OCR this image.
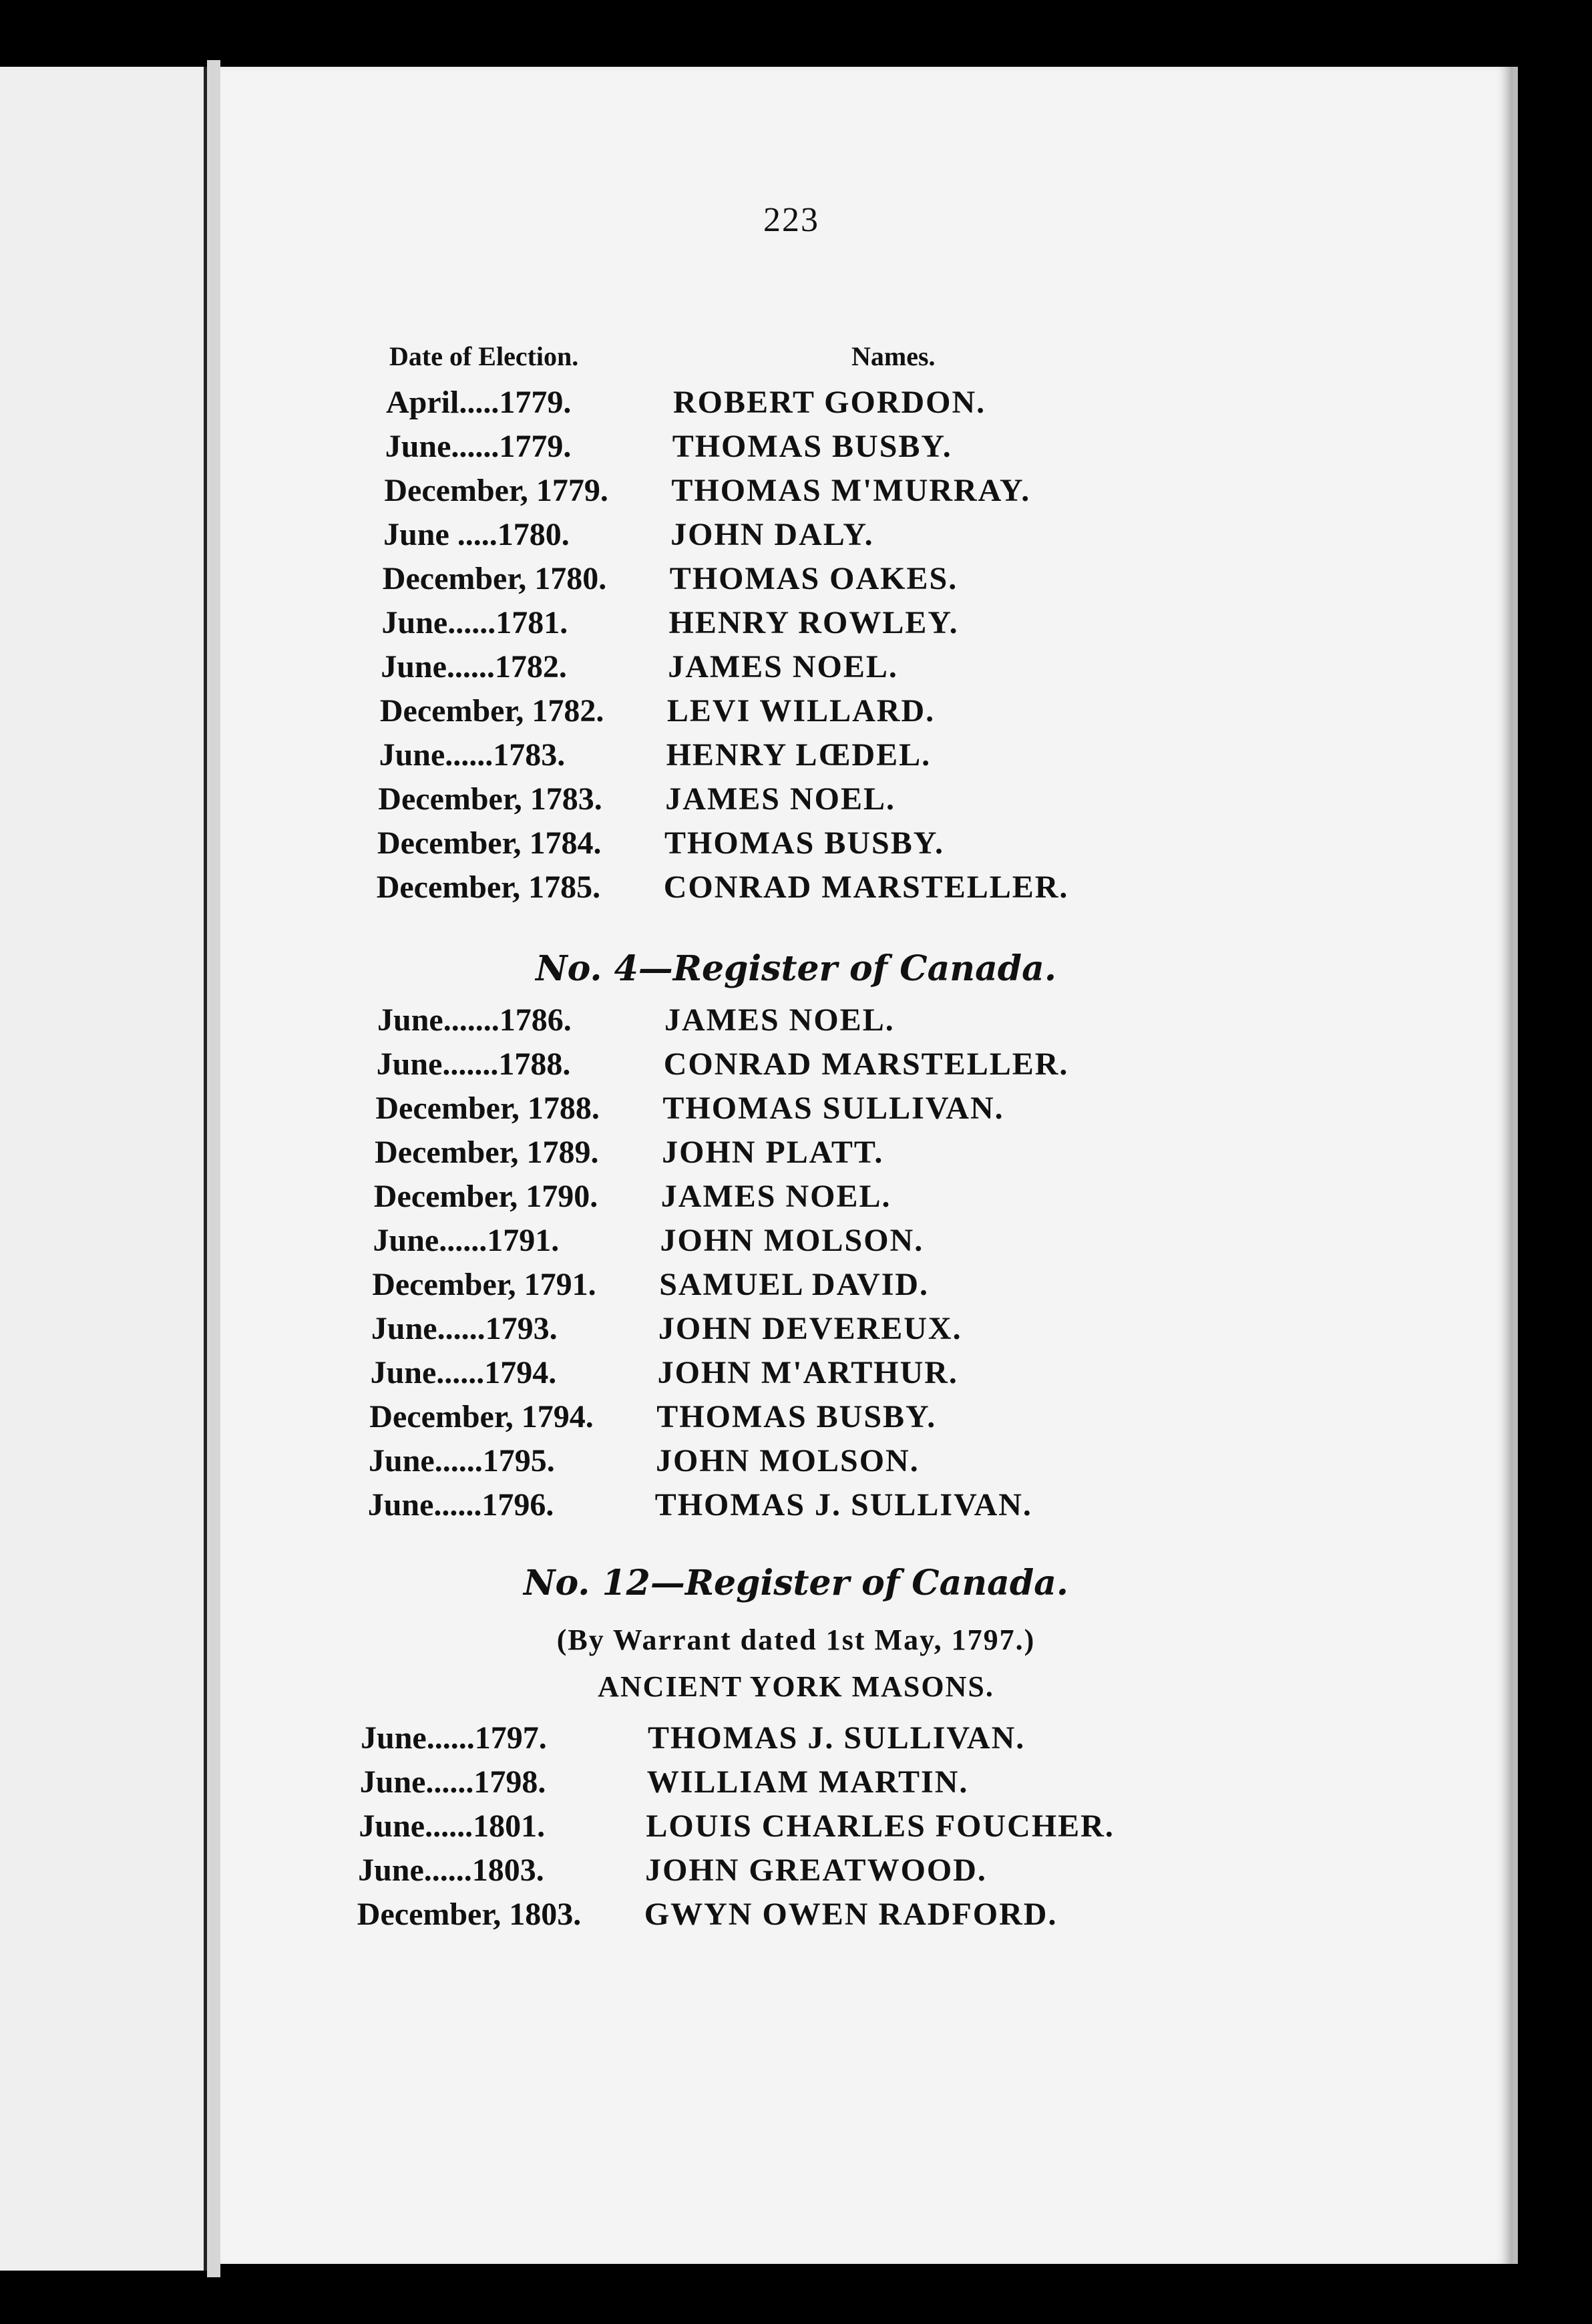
223
Date of Election.	Names.
April.....1779.	ROBERT GORDON.
June......1779.	THOMAS BUSBY.
December, 1779.	THOMAS M'MURRAY.
June .....1780.	JOHN DALY.
December, 1780.	THOMAS OAKES.
June......1781.	HENRY ROWLEY.
June......1782.	JAMES NOEL.
December, 1782.	LEVI WILLARD.
June......1783.	HENRY LŒDEL.
December, 1783.	JAMES NOEL.
December, 1784.	THOMAS BUSBY.
December, 1785.	CONRAD MARSTELLER.
No. 4—Register of Canada.
June.......1786.	JAMES NOEL.
June.......1788.	CONRAD MARSTELLER.
December, 1788.	THOMAS SULLIVAN.
December, 1789.	JOHN PLATT.
December, 1790.	JAMES NOEL.
June......1791.	JOHN MOLSON.
December, 1791.	SAMUEL DAVID.
June......1793.	JOHN DEVEREUX.
June......1794.	JOHN M'ARTHUR.
December, 1794.	THOMAS BUSBY.
June......1795.	JOHN MOLSON.
June......1796.	THOMAS J. SULLIVAN.
No. 12—Register of Canada.
(By Warrant dated 1st May, 1797.)
ANCIENT YORK MASONS.
June......1797.	THOMAS J. SULLIVAN.
June......1798.	WILLIAM MARTIN.
June......1801.	LOUIS CHARLES FOUCHER.
June......1803.	JOHN GREATWOOD.
December, 1803.	GWYN OWEN RADFORD.
